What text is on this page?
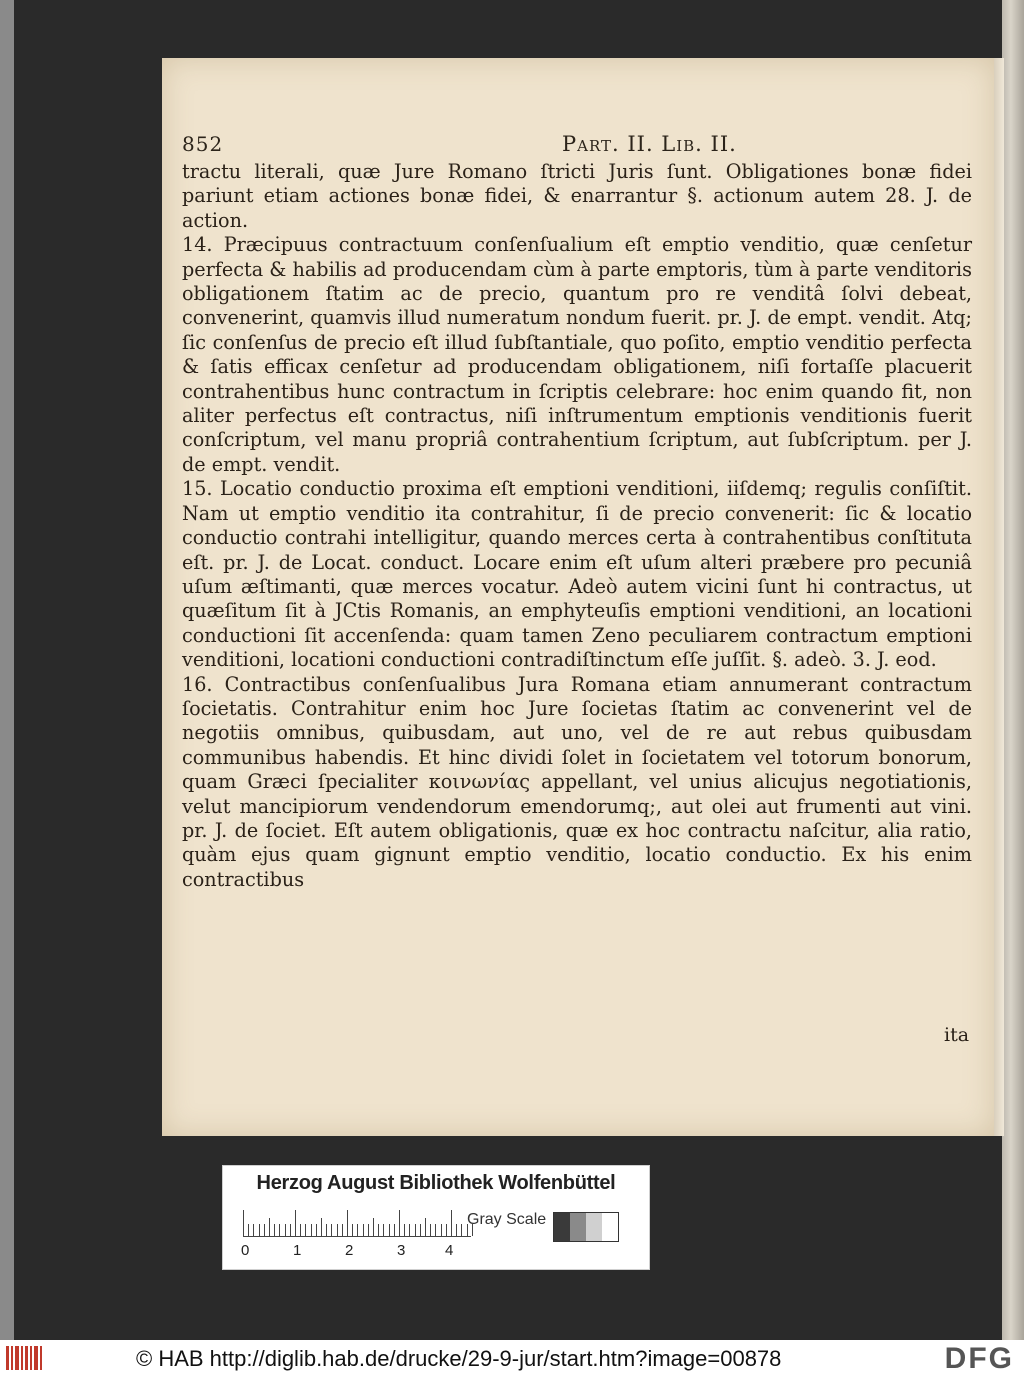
852	Part. II. Lib. II.

tractu literali, quæ Jure Romano ſtricti Juris ſunt. Obligationes bonæ fidei pariunt etiam actiones bonæ fidei, & enarrantur §. actionum autem 28. J. de action.

14. Præcipuus contractuum conſenſualium eſt emptio venditio, quæ cenſetur perfecta & habilis ad producendam cùm à parte emptoris, tùm à parte venditoris obligationem ſtatim ac de precio, quantum pro re venditâ ſolvi debeat, convenerint, quamvis illud numeratum nondum fuerit. pr. J. de empt. vendit. Atq; ſic conſenſus de precio eſt illud ſubſtantiale, quo poſito, emptio venditio perfecta & ſatis efficax cenſetur ad producendam obligationem, niſi fortaſſe placuerit contrahentibus hunc contractum in ſcriptis celebrare: hoc enim quando fit, non aliter perfectus eſt contractus, niſi inſtrumentum emptionis venditionis fuerit conſcriptum, vel manu propriâ contrahentium ſcriptum, aut ſubſcriptum. per J. de empt. vendit.

15. Locatio conductio proxima eſt emptioni venditioni, iiſdemq; regulis conſiſtit. Nam ut emptio venditio ita contrahitur, ſi de precio convenerit: ſic & locatio conductio contrahi intelligitur, quando merces certa à contrahentibus conſtituta eſt. pr. J. de Locat. conduct. Locare enim eſt uſum alteri præbere pro pecuniâ uſum æſtimanti, quæ merces vocatur. Adeò autem vicini ſunt hi contractus, ut quæſitum ſit à JCtis Romanis, an emphyteuſis emptioni venditioni, an locationi conductioni ſit accenſenda: quam tamen Zeno peculiarem contractum emptioni venditioni, locationi conductioni contradiſtinctum eſſe juſſit. §. adeò. 3. J. eod.

16. Contractibus conſenſualibus Jura Romana etiam annumerant contractum ſocietatis. Contrahitur enim hoc Jure ſocietas ſtatim ac convenerint vel de negotiis omnibus, quibusdam, aut uno, vel de re aut rebus quibusdam communibus habendis. Et hinc dividi ſolet in ſocietatem vel totorum bonorum, quam Græci ſpecialiter κοινωνίας appellant, vel unius alicujus negotiationis, velut mancipiorum vendendorum emendorumq;, aut olei aut frumenti aut vini. pr. J. de ſociet. Eſt autem obligationis, quæ ex hoc contractu naſcitur, alia ratio, quàm ejus quam gignunt emptio venditio, locatio conductio. Ex his enim contractibus

ita
Herzog August Bibliothek Wolfenbüttel
0	1	2	3	4
Gray Scale
© HAB http://diglib.hab.de/drucke/29-9-jur/start.htm?image=00878	DFG
